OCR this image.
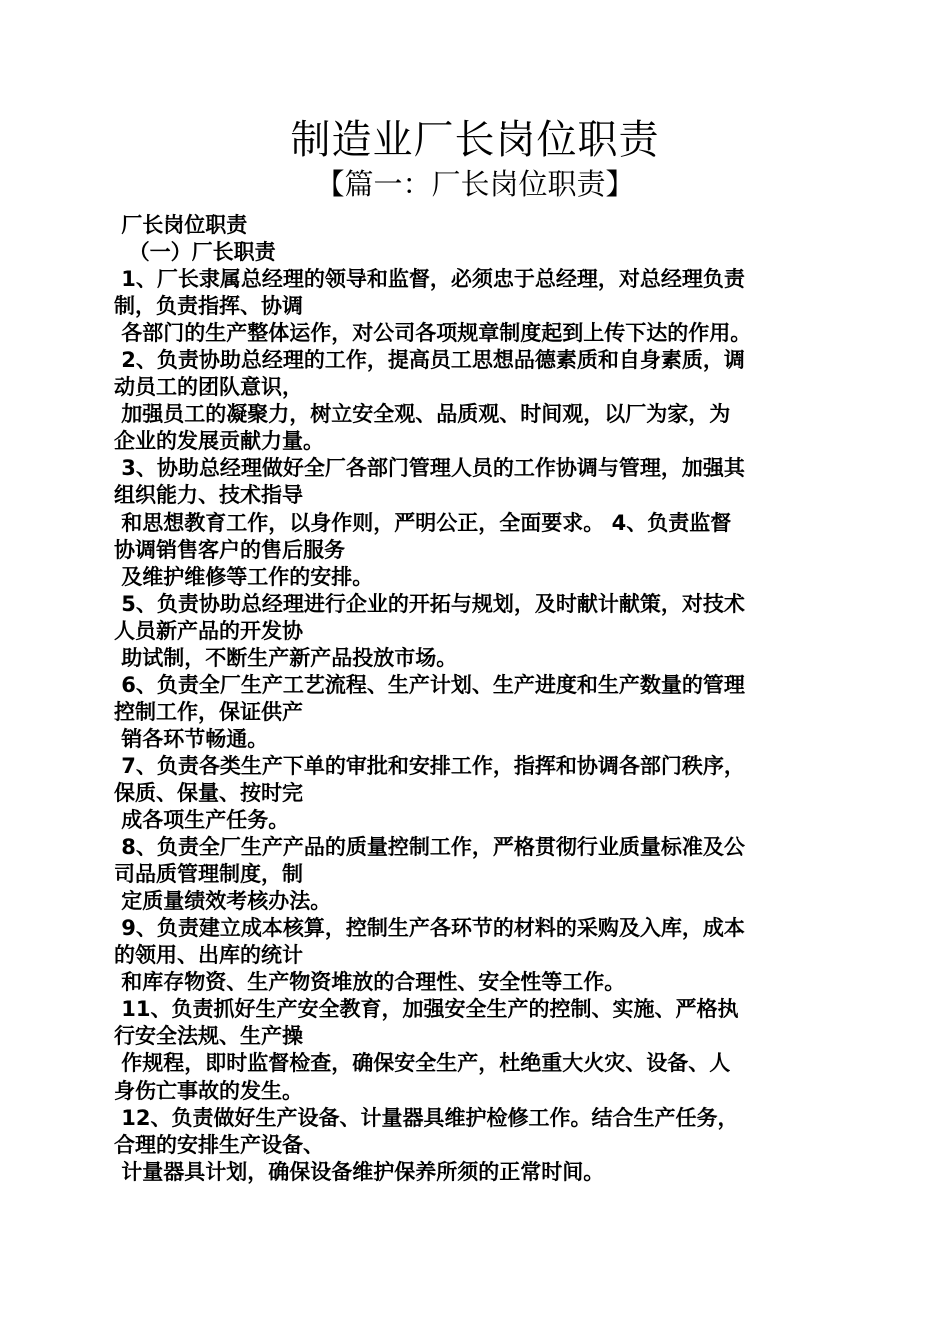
制造业厂长岗位职责
【篇一：厂长岗位职责】
厂长岗位职责
（一）厂长职责
1、厂长隶属总经理的领导和监督，必须忠于总经理，对总经理负责
制，负责指挥、协调
各部门的生产整体运作，对公司各项规章制度起到上传下达的作用。
2、负责协助总经理的工作，提高员工思想品德素质和自身素质，调
动员工的团队意识，
加强员工的凝聚力，树立安全观、品质观、时间观，以厂为家，为
企业的发展贡献力量。
3、协助总经理做好全厂各部门管理人员的工作协调与管理，加强其
组织能力、技术指导
和思想教育工作，以身作则，严明公正，全面要求。 4、负责监督
协调销售客户的售后服务
及维护维修等工作的安排。
5、负责协助总经理进行企业的开拓与规划，及时献计献策，对技术
人员新产品的开发协
助试制，不断生产新产品投放市场。
6、负责全厂生产工艺流程、生产计划、生产进度和生产数量的管理
控制工作，保证供产
销各环节畅通。
7、负责各类生产下单的审批和安排工作，指挥和协调各部门秩序，
保质、保量、按时完
成各项生产任务。
8、负责全厂生产产品的质量控制工作，严格贯彻行业质量标准及公
司品质管理制度，制
定质量绩效考核办法。
9、负责建立成本核算，控制生产各环节的材料的采购及入库，成本
的领用、出库的统计
和库存物资、生产物资堆放的合理性、安全性等工作。
11、负责抓好生产安全教育，加强安全生产的控制、实施、严格执
行安全法规、生产操
作规程，即时监督检查，确保安全生产，杜绝重大火灾、设备、人
身伤亡事故的发生。
12、负责做好生产设备、计量器具维护检修工作。结合生产任务，
合理的安排生产设备、
计量器具计划，确保设备维护保养所须的正常时间。
